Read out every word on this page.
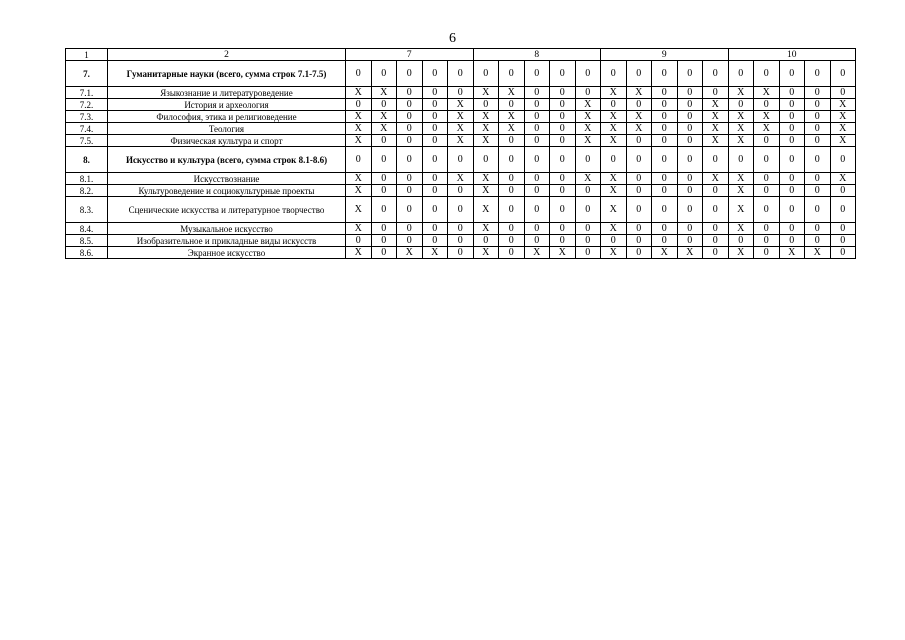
6
1	2	7					8					9					10				
7.	Гуманитарные науки (всего, сумма строк 7.1-7.5)	0	0	0	0	0	0	0	0	0	0	0	0	0	0	0	0	0	0	0	0
7.1.	Языкознание и литературоведение	X	X	0	0	0	X	X	0	0	0	X	X	0	0	0	X	X	0	0	0
7.2.	История и археология	0	0	0	0	X	0	0	0	0	X	0	0	0	0	X	0	0	0	0	X
7.3.	Философия, этика и религиоведение	X	X	0	0	X	X	X	0	0	X	X	X	0	0	X	X	X	0	0	X
7.4.	Теология	X	X	0	0	X	X	X	0	0	X	X	X	0	0	X	X	X	0	0	X
7.5.	Физическая культура и спорт	X	0	0	0	X	X	0	0	0	X	X	0	0	0	X	X	0	0	0	X
8.	Искусство и культура (всего, сумма строк 8.1-8.6)	0	0	0	0	0	0	0	0	0	0	0	0	0	0	0	0	0	0	0	0
8.1.	Искусствознание	X	0	0	0	X	X	0	0	0	X	X	0	0	0	X	X	0	0	0	X
8.2.	Культуроведение и социокультурные проекты	X	0	0	0	0	X	0	0	0	0	X	0	0	0	0	X	0	0	0	0
8.3.	Сценические искусства и литературное творчество	X	0	0	0	0	X	0	0	0	0	X	0	0	0	0	X	0	0	0	0
8.4.	Музыкальное искусство	X	0	0	0	0	X	0	0	0	0	X	0	0	0	0	X	0	0	0	0
8.5.	Изобразительное и прикладные виды искусств	0	0	0	0	0	0	0	0	0	0	0	0	0	0	0	0	0	0	0	0
8.6.	Экранное искусство	X	0	X	X	0	X	0	X	X	0	X	0	X	X	0	X	0	X	X	0
